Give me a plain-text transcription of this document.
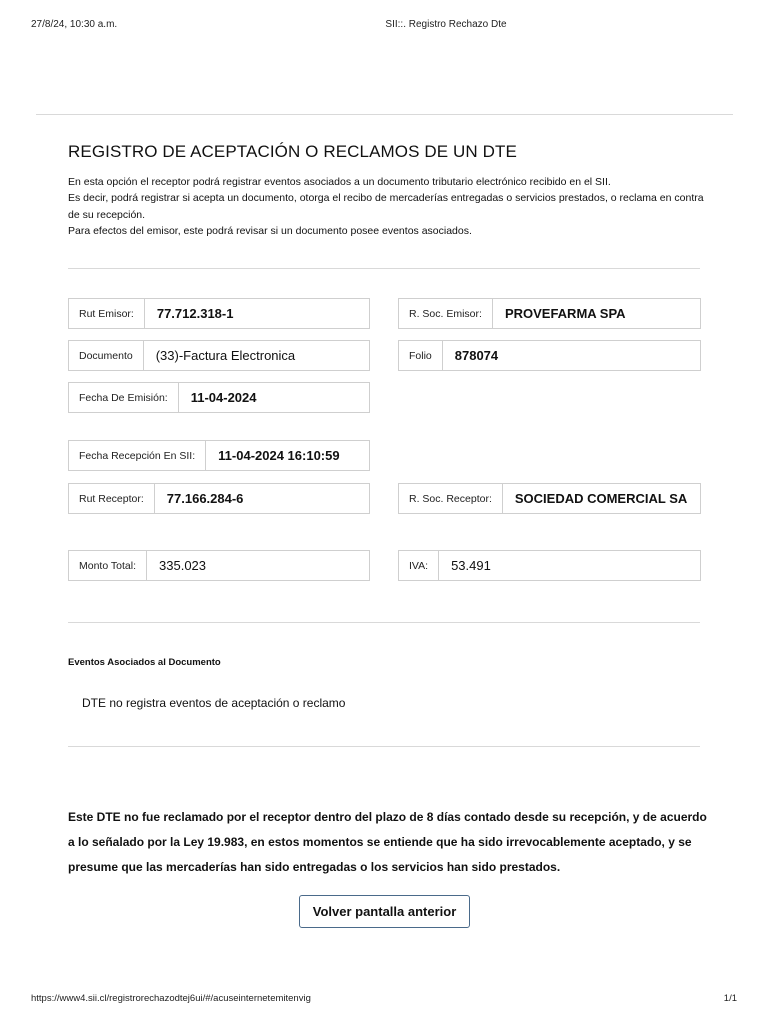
27/8/24, 10:30 a.m.	SII::. Registro Rechazo Dte
REGISTRO DE ACEPTACIÓN O RECLAMOS DE UN DTE

En esta opción el receptor podrá registrar eventos asociados a un documento tributario electrónico recibido en el SII.

Es decir, podrá registrar si acepta un documento, otorga el recibo de mercaderías entregadas o servicios prestados, o reclama en contra de su recepción.

Para efectos del emisor, este podrá revisar si un documento posee eventos asociados.

Rut Emisor:	77.712.318-1	R. Soc. Emisor:	PROVEFARMA SPA
Documento	(33)-Factura Electronica	Folio	878074
Fecha De Emisión:	11-04-2024
Fecha Recepción En SII:	11-04-2024 16:10:59
Rut Receptor:	77.166.284-6	R. Soc. Receptor:	SOCIEDAD COMERCIAL SA
Monto Total:	335.023	IVA:	53.491
Eventos Asociados al Documento
DTE no registra eventos de aceptación o reclamo
Este DTE no fue reclamado por el receptor dentro del plazo de 8 días contado desde su recepción, y de acuerdo a lo señalado por la Ley 19.983, en estos momentos se entiende que ha sido irrevocablemente aceptado, y se presume que las mercaderías han sido entregadas o los servicios han sido prestados.
Volver pantalla anterior
https://www4.sii.cl/registrorechazodtej6ui/#/acuseinternetemitenvig	1/1
